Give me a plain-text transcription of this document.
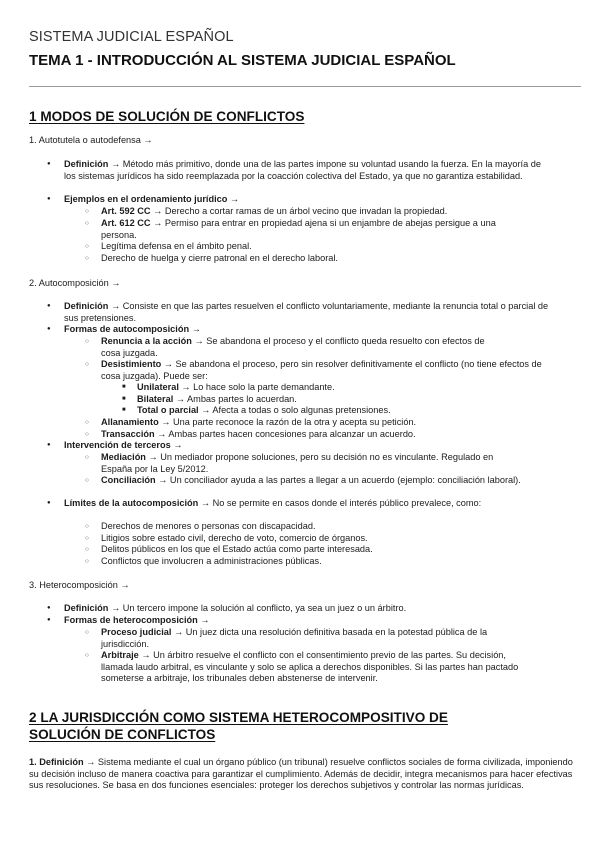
SISTEMA JUDICIAL ESPAÑOL
TEMA 1 - INTRODUCCIÓN AL SISTEMA JUDICIAL ESPAÑOL
1 MODOS DE SOLUCIÓN DE CONFLICTOS
1. Autotutela o autodefensa →
● Definición → Método más primitivo, donde una de las partes impone su voluntad usando la fuerza. En la mayoría de los sistemas jurídicos ha sido reemplazada por la coacción colectiva del Estado, ya que no garantiza estabilidad.
● Ejemplos en el ordenamiento jurídico →
○ Art. 592 CC → Derecho a cortar ramas de un árbol vecino que invadan la propiedad.
○ Art. 612 CC → Permiso para entrar en propiedad ajena si un enjambre de abejas persigue a una persona.
○ Legítima defensa en el ámbito penal.
○ Derecho de huelga y cierre patronal en el derecho laboral.
2. Autocomposición →
● Definición → Consiste en que las partes resuelven el conflicto voluntariamente, mediante la renuncia total o parcial de sus pretensiones.
● Formas de autocomposición →
○ Renuncia a la acción → Se abandona el proceso y el conflicto queda resuelto con efectos de cosa juzgada.
○ Desistimiento → Se abandona el proceso, pero sin resolver definitivamente el conflicto (no tiene efectos de cosa juzgada). Puede ser:
■ Unilateral → Lo hace solo la parte demandante.
■ Bilateral → Ambas partes lo acuerdan.
■ Total o parcial → Afecta a todas o solo algunas pretensiones.
○ Allanamiento → Una parte reconoce la razón de la otra y acepta su petición.
○ Transacción → Ambas partes hacen concesiones para alcanzar un acuerdo.
● Intervención de terceros →
○ Mediación → Un mediador propone soluciones, pero su decisión no es vinculante. Regulado en España por la Ley 5/2012.
○ Conciliación → Un conciliador ayuda a las partes a llegar a un acuerdo (ejemplo: conciliación laboral).
● Límites de la autocomposición → No se permite en casos donde el interés público prevalece, como:
○ Derechos de menores o personas con discapacidad.
○ Litigios sobre estado civil, derecho de voto, comercio de órganos.
○ Delitos públicos en los que el Estado actúa como parte interesada.
○ Conflictos que involucren a administraciones públicas.
3. Heterocomposición →
● Definición → Un tercero impone la solución al conflicto, ya sea un juez o un árbitro.
● Formas de heterocomposición →
○ Proceso judicial → Un juez dicta una resolución definitiva basada en la potestad pública de la jurisdicción.
○ Arbitraje → Un árbitro resuelve el conflicto con el consentimiento previo de las partes. Su decisión, llamada laudo arbitral, es vinculante y solo se aplica a derechos disponibles. Si las partes han pactado someterse a arbitraje, los tribunales deben abstenerse de intervenir.
2 LA JURISDICCIÓN COMO SISTEMA HETEROCOMPOSITIVO DE
SOLUCIÓN DE CONFLICTOS
1. Definición → Sistema mediante el cual un órgano público (un tribunal) resuelve conflictos sociales de forma civilizada, imponiendo su decisión incluso de manera coactiva para garantizar el cumplimiento. Además de decidir, integra mecanismos para hacer efectivas sus resoluciones. Se basa en dos funciones esenciales: proteger los derechos subjetivos y controlar las normas jurídicas.
